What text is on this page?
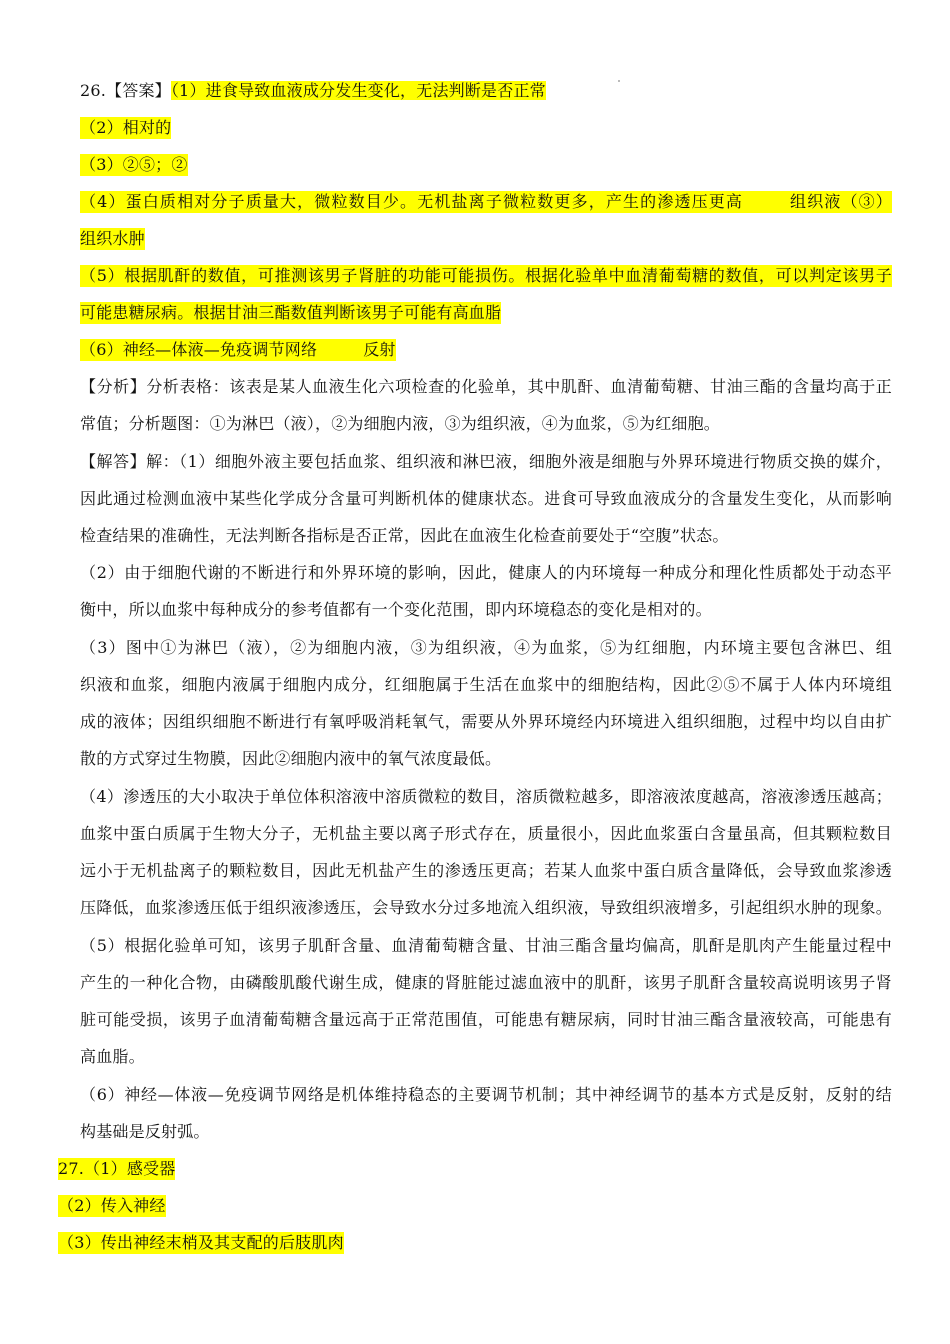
26.【答案】（1）进食导致血液成分发生变化，无法判断是否正常
（2）相对的
（3）②⑤；②
（4）蛋白质相对分子质量大，微粒数目少。无机盐离子微粒数更多，产生的渗透压更高	组织液（③）
组织水肿
（5）根据肌酐的数值，可推测该男子肾脏的功能可能损伤。根据化验单中血清葡萄糖的数值，可以判定该男子
可能患糖尿病。根据甘油三酯数值判断该男子可能有高血脂
（6）神经—体液—免疫调节网络	反射
【分析】分析表格：该表是某人血液生化六项检查的化验单，其中肌酐、血清葡萄糖、甘油三酯的含量均高于正
常值；分析题图：①为淋巴（液），②为细胞内液，③为组织液，④为血浆，⑤为红细胞。
【解答】解：（1）细胞外液主要包括血浆、组织液和淋巴液，细胞外液是细胞与外界环境进行物质交换的媒介，
因此通过检测血液中某些化学成分含量可判断机体的健康状态。进食可导致血液成分的含量发生变化，从而影响
检查结果的准确性，无法判断各指标是否正常，因此在血液生化检查前要处于“空腹”状态。
（2）由于细胞代谢的不断进行和外界环境的影响，因此，健康人的内环境每一种成分和理化性质都处于动态平
衡中，所以血浆中每种成分的参考值都有一个变化范围，即内环境稳态的变化是相对的。
（3）图中①为淋巴（液），②为细胞内液，③为组织液，④为血浆，⑤为红细胞，内环境主要包含淋巴、组
织液和血浆，细胞内液属于细胞内成分，红细胞属于生活在血浆中的细胞结构，因此②⑤不属于人体内环境组
成的液体；因组织细胞不断进行有氧呼吸消耗氧气，需要从外界环境经内环境进入组织细胞，过程中均以自由扩
散的方式穿过生物膜，因此②细胞内液中的氧气浓度最低。
（4）渗透压的大小取决于单位体积溶液中溶质微粒的数目，溶质微粒越多，即溶液浓度越高，溶液渗透压越高；
血浆中蛋白质属于生物大分子，无机盐主要以离子形式存在，质量很小，因此血浆蛋白含量虽高，但其颗粒数目
远小于无机盐离子的颗粒数目，因此无机盐产生的渗透压更高；若某人血浆中蛋白质含量降低，会导致血浆渗透
压降低，血浆渗透压低于组织液渗透压，会导致水分过多地流入组织液，导致组织液增多，引起组织水肿的现象。
（5）根据化验单可知，该男子肌酐含量、血清葡萄糖含量、甘油三酯含量均偏高，肌酐是肌肉产生能量过程中
产生的一种化合物，由磷酸肌酸代谢生成，健康的肾脏能过滤血液中的肌酐，该男子肌酐含量较高说明该男子肾
脏可能受损，该男子血清葡萄糖含量远高于正常范围值，可能患有糖尿病，同时甘油三酯含量液较高，可能患有
高血脂。
（6）神经—体液—免疫调节网络是机体维持稳态的主要调节机制；其中神经调节的基本方式是反射，反射的结
构基础是反射弧。
27.（1）感受器
（2）传入神经
（3）传出神经末梢及其支配的后肢肌肉
